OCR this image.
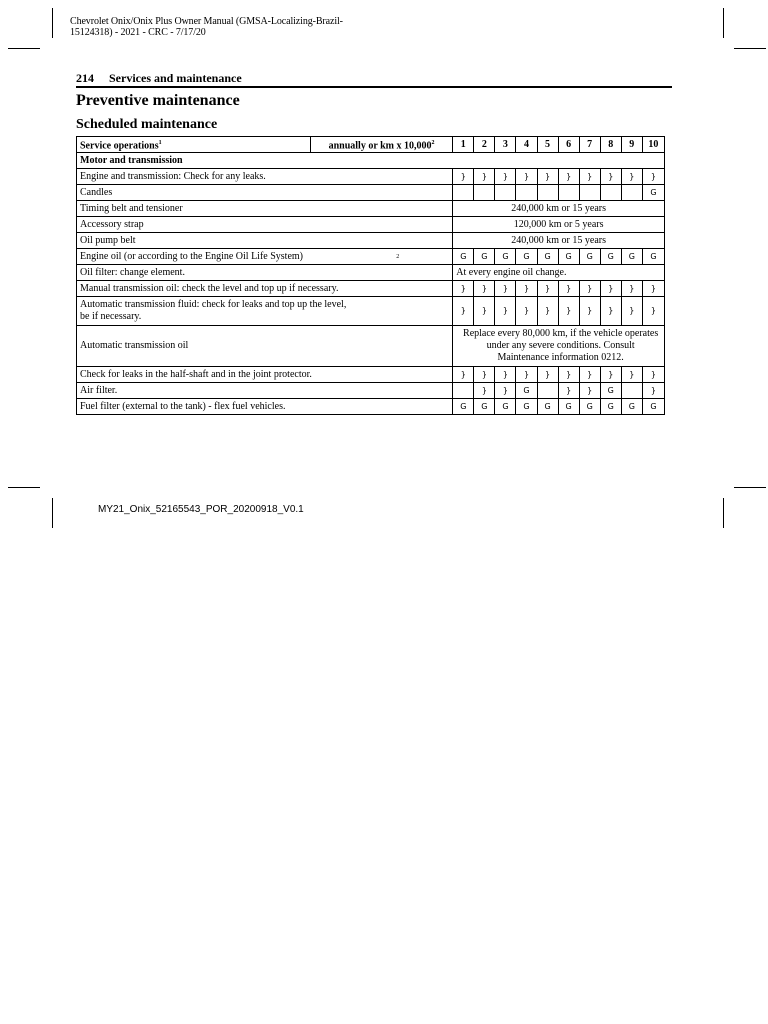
Chevrolet Onix/Onix Plus Owner Manual (GMSA-Localizing-Brazil-
15124318) - 2021 - CRC - 7/17/20
214 Services and maintenance
Preventive maintenance
Scheduled maintenance
Service operations$^1$	annually or km x 10,000$^2$	1	2	3	4	5	6	7	8	9	10
Motor and transmission											
Engine and transmission: Check for any leaks.		}	}	}	}	}	}	}	}	}	}
Candles											G
Timing belt and tensioner		240,000 km or 15 years									
Accessory strap		120,000 km or 5 years									
Oil pump belt		240,000 km or 15 years									
Engine oil (or according to the Engine Oil Life System) 2		G	G	G	G	G	G	G	G	G	G
Oil filter: change element.		At every engine oil change.									
Manual transmission oil: check the level and top up if necessary.		}	}	}	}	}	}	}	}	}	}

Automatic transmission fluid: check for leaks and top up the level,
be if necessary.		}	}	}	}	}	}	}	}	}	}
Automatic transmission oil		Replace every 80,000 km, if the vehicle operates
under any severe conditions. Consult
Maintenance information 0212.									

Check for leaks in the half-shaft and in the joint protector.		}	}	}	}	}	}	}	}	}	}
Air filter.			}	}	G		}	}	G		}
Fuel filter (external to the tank) - flex fuel vehicles.		G	G	G	G	G	G	G	G	G	G
MY21_Onix_52165543_POR_20200918_V0.1
